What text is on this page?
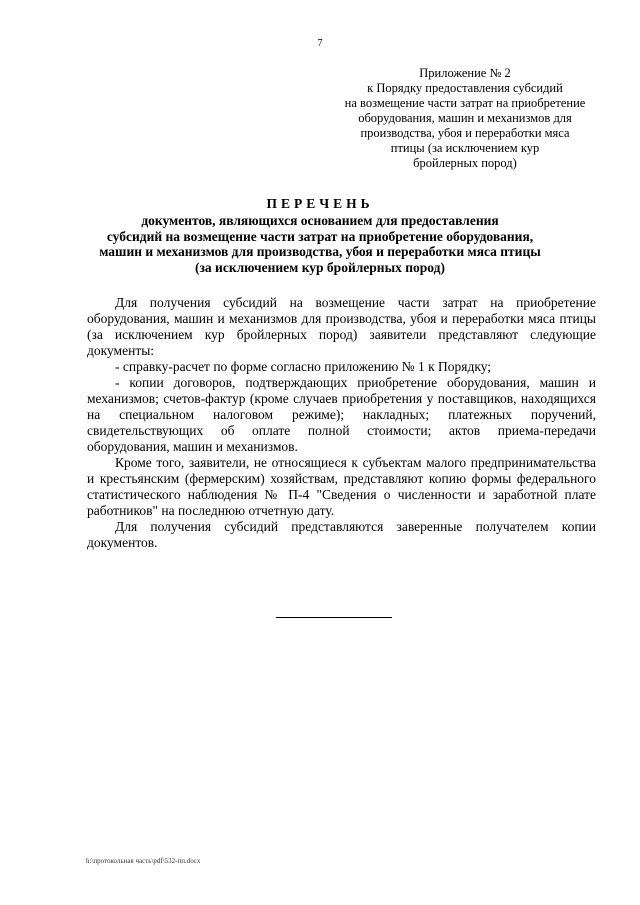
7
Приложение № 2
к Порядку предоставления субсидий
на возмещение части затрат на приобретение
оборудования, машин и механизмов для
производства, убоя и переработки мяса
птицы (за исключением кур
бройлерных пород)
ПЕРЕЧЕНЬ
документов, являющихся основанием для предоставления
субсидий на возмещение части затрат на приобретение оборудования,
машин и механизмов для производства, убоя и переработки мяса птицы
(за исключением кур бройлерных пород)

Для получения субсидий на возмещение части затрат на приобретение оборудования, машин и механизмов для производства, убоя и переработки мяса птицы (за исключением кур бройлерных пород) заявители представляют следующие документы:

- справку-расчет по форме согласно приложению № 1 к Порядку;

- копии договоров, подтверждающих приобретение оборудования, машин и механизмов; счетов-фактур (кроме случаев приобретения у поставщиков, находящихся на специальном налоговом режиме); накладных; платежных поручений, свидетельствующих об оплате полной стоимости; актов приема-передачи оборудования, машин и механизмов.

Кроме того, заявители, не относящиеся к субъектам малого предпринимательства и крестьянским (фермерским) хозяйствам, представляют копию формы федерального статистического наблюдения № П-4 "Сведения о численности и заработной плате работников" на последнюю отчетную дату.

Для получения субсидий представляются заверенные получателем копии документов.

h:\протокольная часть\pdf\532-пп.docx
